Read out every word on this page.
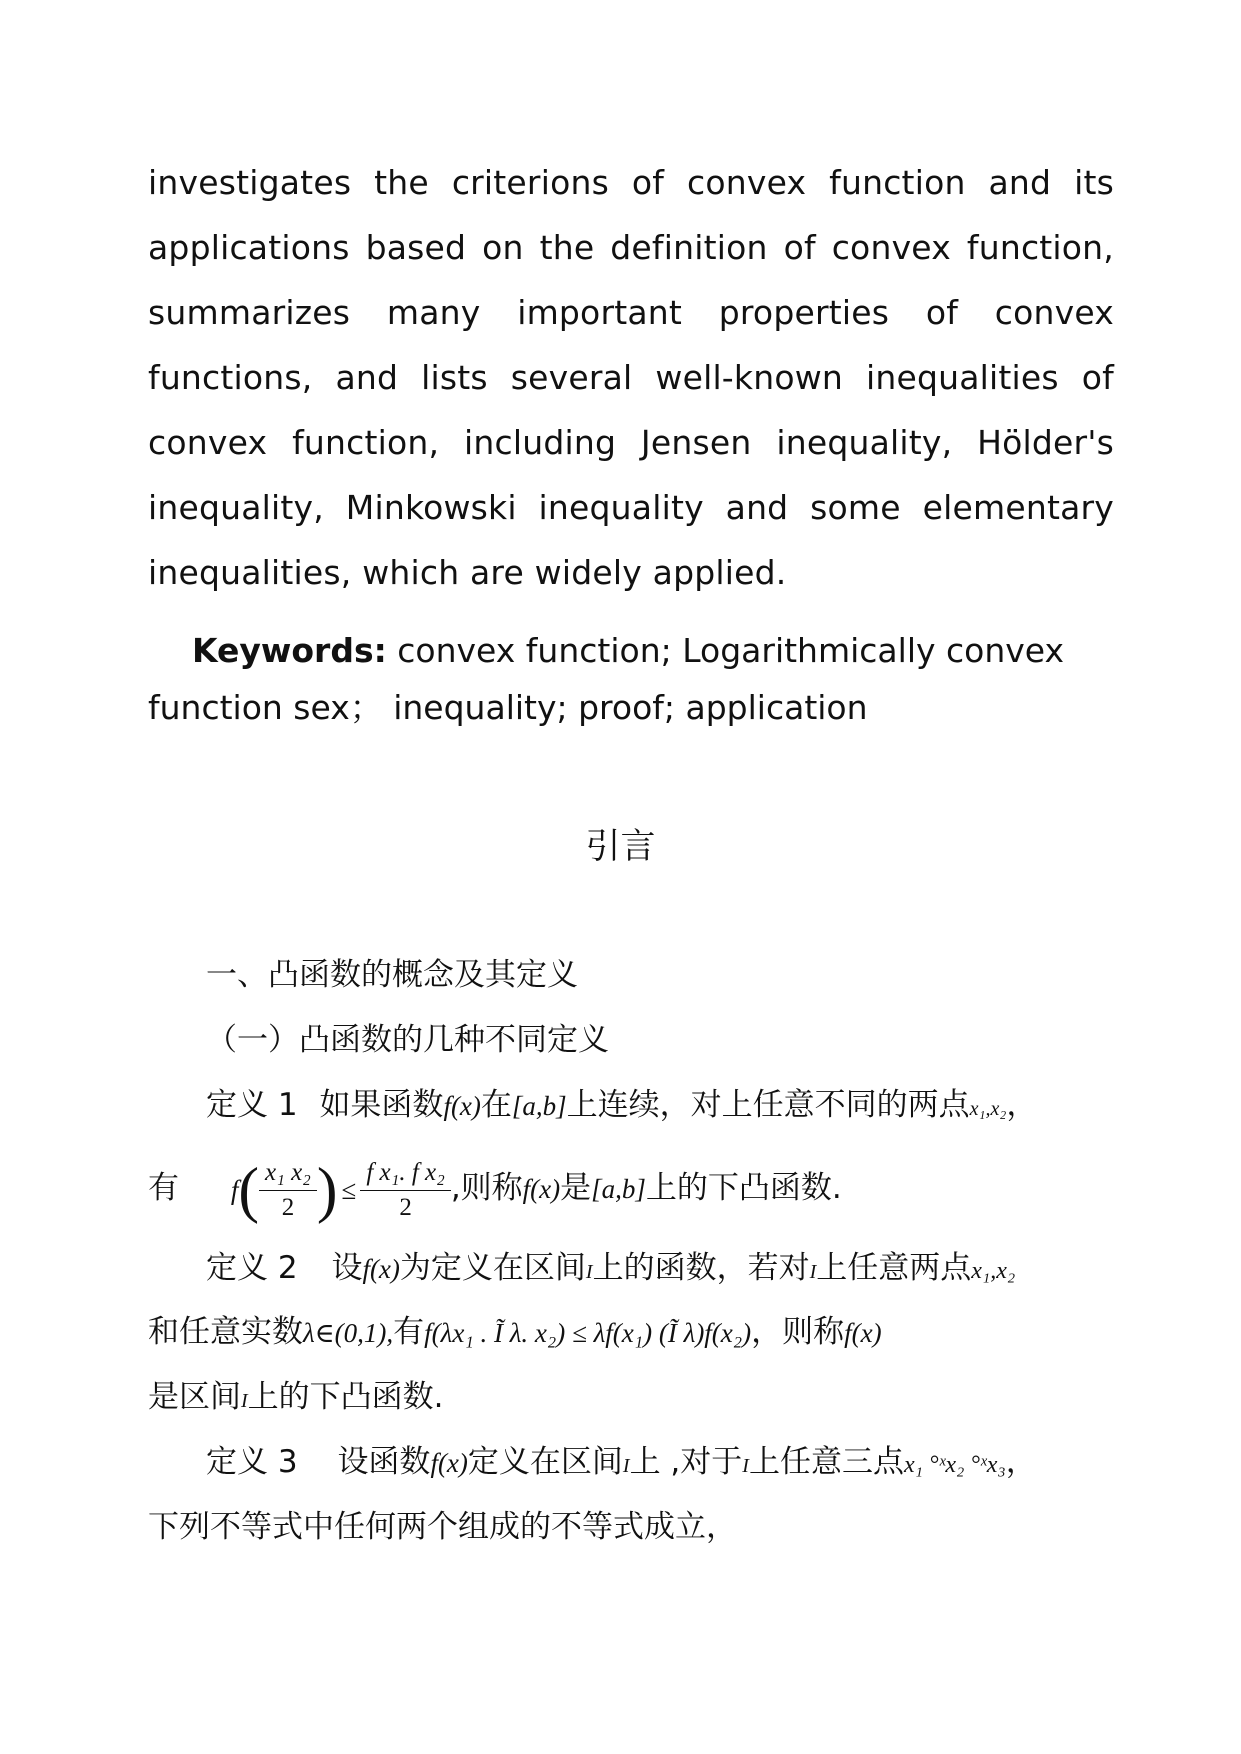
investigates the criterions of convex function and its applications based on the definition of convex function, summarizes many important properties of convex functions, and lists several well-known inequalities of convex function, including Jensen inequality, Hölder's inequality, Minkowski inequality and some elementary inequalities, which are widely applied.
Keywords: convex function; Logarithmically convex
function sex； inequality; proof; application
引言
一、凸函数的概念及其定义
（一）凸函数的几种不同定义
定义 1 如果函数f(x)在[a,b]上连续，对上任意不同的两点x₁,x₂，
有 $f( \frac{\text{x₁ x₂}}{2}$ ) ≤ $\frac{\text{f x₁. f x₂}}{2}$ ,则称f(x)是[a,b]上的下凸函数.
定义 2 设f(x)为定义在区间I上的函数，若对I上任意两点x₁,x₂
和任意实数λ∈(0,1),有f(λx₁ . Ĩ λ. x₂) ≤ λf(x₁) (Ĩ λ)f(x₂)，则称f(x)
是区间I上的下凸函数.
定义 3 设函数f(x)定义在区间I上 ,对于I上任意三点x₁ °ˣx₂ °ˣx₃，
下列不等式中任何两个组成的不等式成立，
